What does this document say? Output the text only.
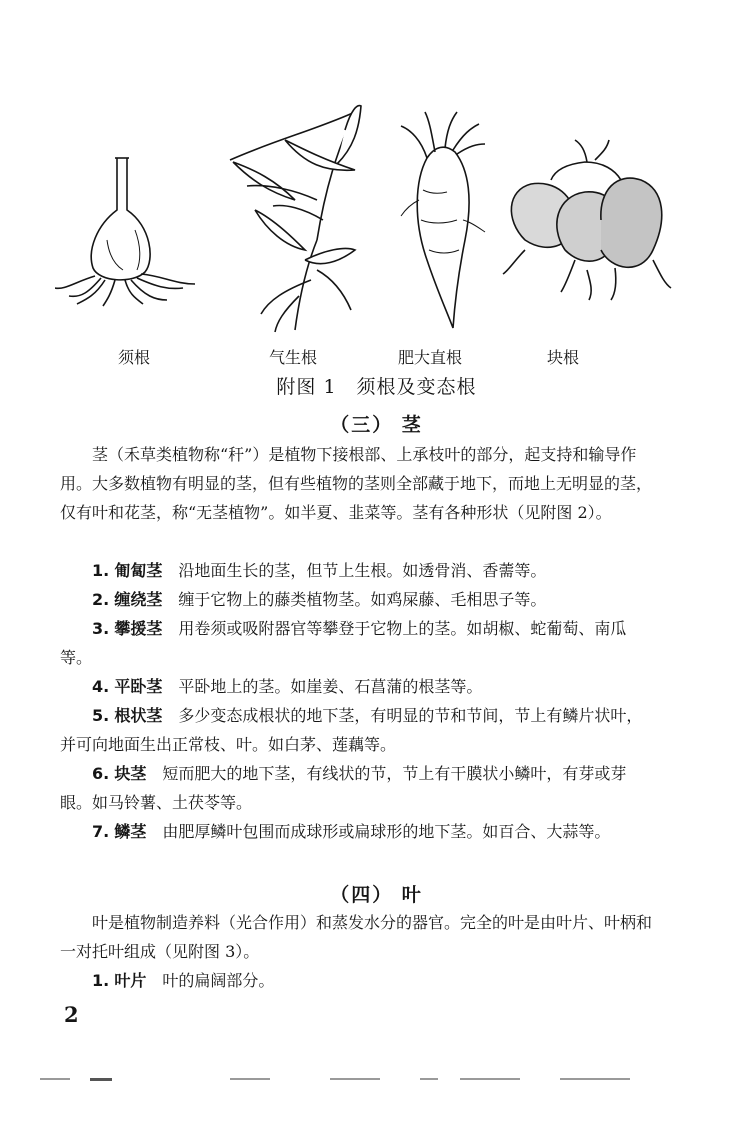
须根	气生根	肥大直根	块根
附图 1　须根及变态根
（三） 茎

茎（禾草类植物称“秆”）是植物下接根部、上承枝叶的部分，起支持和输导作用。大多数植物有明显的茎，但有些植物的茎则全部藏于地下，而地上无明显的茎，仅有叶和花茎，称“无茎植物”。如半夏、韭菜等。茎有各种形状（见附图 2）。

1. 匍匐茎　 沿地面生长的茎，但节上生根。如透骨消、香薷等。

2. 缠绕茎　 缠于它物上的藤类植物茎。如鸡屎藤、毛相思子等。

3. 攀援茎　 用卷须或吸附器官等攀登于它物上的茎。如胡椒、蛇葡萄、南瓜等。

4. 平卧茎　 平卧地上的茎。如崖姜、石菖蒲的根茎等。

5. 根状茎　 多少变态成根状的地下茎，有明显的节和节间，节上有鳞片状叶，并可向地面生出正常枝、叶。如白茅、莲藕等。

6. 块茎　 短而肥大的地下茎，有线状的节，节上有干膜状小鳞叶，有芽或芽眼。如马铃薯、土茯苓等。

7. 鳞茎　 由肥厚鳞叶包围而成球形或扁球形的地下茎。如百合、大蒜等。

（四） 叶

叶是植物制造养料（光合作用）和蒸发水分的器官。完全的叶是由叶片、叶柄和一对托叶组成（见附图 3）。

1. 叶片　 叶的扁阔部分。

2
